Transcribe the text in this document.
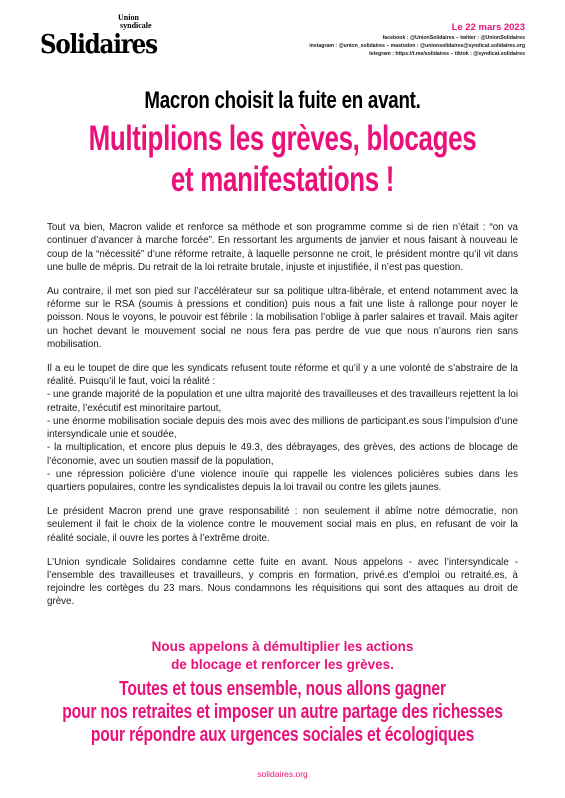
Union
syndicale
Solidaires
Le 22 mars 2023
facebook : @UnionSolidaires – twitter : @UnionSolidaires
instagram : @union_solidaires – mastodon : @unionsolidaires@syndicat.solidaires.org
telegram : https://t.me/solidaires – tiktok : @syndicat.solidaires
Macron choisit la fuite en avant.
Multiplions les grèves, blocages
et manifestations !

Tout va bien, Macron valide et renforce sa méthode et son programme comme si de rien n’était : “on va continuer d’avancer à marche forcée”. En ressortant les arguments de janvier et nous faisant à nouveau le coup de la “nécessité” d’une réforme retraite, à laquelle personne ne croit, le président montre qu’il vit dans une bulle de mépris. Du retrait de la loi retraite brutale, injuste et injustifiée, il n’est pas question.

Au contraire, il met son pied sur l’accélérateur sur sa politique ultra-libérale, et entend notamment avec la réforme sur le RSA (soumis à pressions et condition) puis nous a fait une liste à rallonge pour noyer le poisson. Nous le voyons, le pouvoir est fébrile : la mobilisation l’oblige à parler salaires et travail. Mais agiter un hochet devant le mouvement social ne nous fera pas perdre de vue que nous n’aurons rien sans mobilisation.

Il a eu le toupet de dire que les syndicats refusent toute réforme et qu’il y a une volonté de s’abstraire de la réalité. Puisqu’il le faut, voici la réalité :
- une grande majorité de la population et une ultra majorité des travailleuses et des travailleurs rejettent la loi retraite, l’exécutif est minoritaire partout,
- une énorme mobilisation sociale depuis des mois avec des millions de participant.es sous l’impulsion d’une intersyndicale unie et soudée,
- la multiplication, et encore plus depuis le 49.3, des débrayages, des grèves, des actions de blocage de l’économie, avec un soutien massif de la population,
- une répression policière d’une violence inouïe qui rappelle les violences policières subies dans les quartiers populaires, contre les syndicalistes depuis la loi travail ou contre les gilets jaunes.

Le président Macron prend une grave responsabilité : non seulement il abîme notre démocratie, non seulement il fait le choix de la violence contre le mouvement social mais en plus, en refusant de voir la réalité sociale, il ouvre les portes à l’extrême droite.

L’Union syndicale Solidaires condamne cette fuite en avant. Nous appelons - avec l’intersyndicale - l’ensemble des travailleuses et travailleurs, y compris en formation, privé.es d’emploi ou retraité.es, à rejoindre les cortèges du 23 mars. Nous condamnons les réquisitions qui sont des attaques au droit de grève.

Nous appelons à démultiplier les actions
de blocage et renforcer les grèves.
Toutes et tous ensemble, nous allons gagner
pour nos retraites et imposer un autre partage des richesses
pour répondre aux urgences sociales et écologiques
solidaires.org
